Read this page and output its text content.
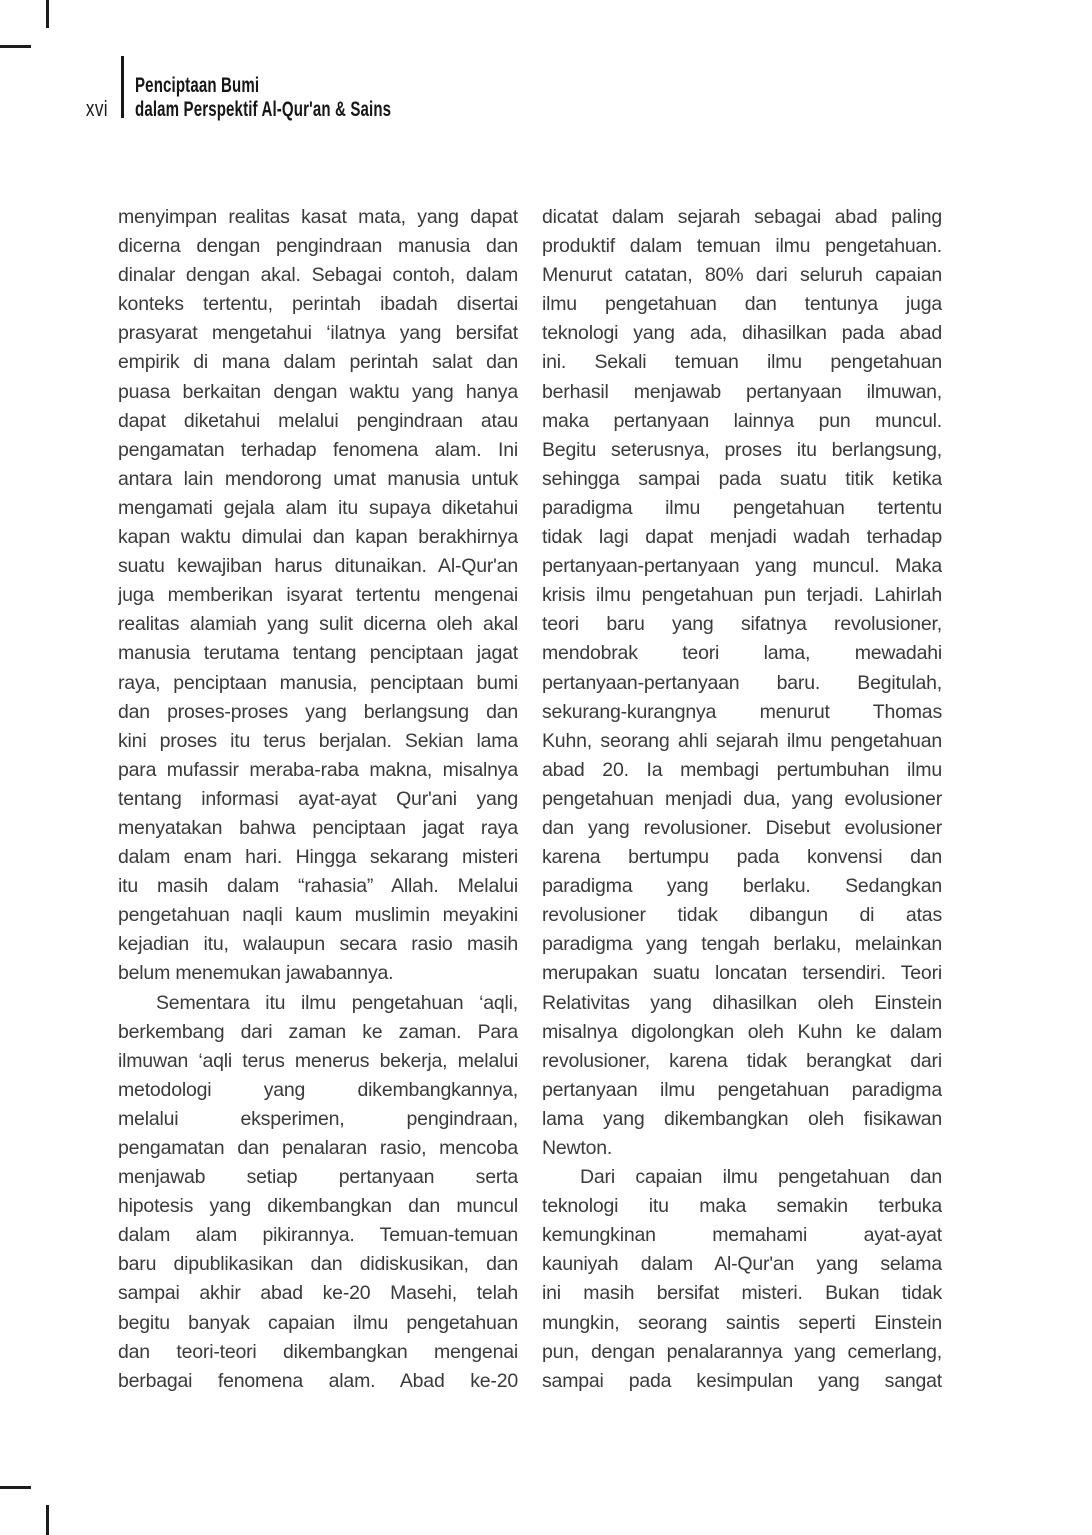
xvi
Penciptaan Bumi
dalam Perspektif Al-Qur'an & Sains
menyimpan realitas kasat mata, yang dapat
dicerna dengan pengindraan manusia dan
dinalar dengan akal. Sebagai contoh, dalam
konteks tertentu, perintah ibadah disertai
prasyarat mengetahui ‘ilatnya yang bersifat
empirik di mana dalam perintah salat dan
puasa berkaitan dengan waktu yang hanya
dapat diketahui melalui pengindraan atau
pengamatan terhadap fenomena alam. Ini
antara lain mendorong umat manusia untuk
mengamati gejala alam itu supaya diketahui
kapan waktu dimulai dan kapan berakhirnya
suatu kewajiban harus ditunaikan. Al-Qur'an
juga memberikan isyarat tertentu mengenai
realitas alamiah yang sulit dicerna oleh akal
manusia terutama tentang penciptaan jagat
raya, penciptaan manusia, penciptaan bumi
dan proses-proses yang berlangsung dan
kini proses itu terus berjalan. Sekian lama
para mufassir meraba-raba makna, misalnya
tentang informasi ayat-ayat Qur'ani yang
menyatakan bahwa penciptaan jagat raya
dalam enam hari. Hingga sekarang misteri
itu masih dalam “rahasia” Allah. Melalui
pengetahuan naqli kaum muslimin meyakini
kejadian itu, walaupun secara rasio masih
belum menemukan jawabannya.
Sementara itu ilmu pengetahuan ‘aqli,
berkembang dari zaman ke zaman. Para
ilmuwan ‘aqli terus menerus bekerja, melalui
metodologi yang dikembangkannya,
melalui eksperimen, pengindraan,
pengamatan dan penalaran rasio, mencoba
menjawab setiap pertanyaan serta
hipotesis yang dikembangkan dan muncul
dalam alam pikirannya. Temuan-temuan
baru dipublikasikan dan didiskusikan, dan
sampai akhir abad ke-20 Masehi, telah
begitu banyak capaian ilmu pengetahuan
dan teori-teori dikembangkan mengenai
berbagai fenomena alam. Abad ke-20
dicatat dalam sejarah sebagai abad paling
produktif dalam temuan ilmu pengetahuan.
Menurut catatan, 80% dari seluruh capaian
ilmu pengetahuan dan tentunya juga
teknologi yang ada, dihasilkan pada abad
ini. Sekali temuan ilmu pengetahuan
berhasil menjawab pertanyaan ilmuwan,
maka pertanyaan lainnya pun muncul.
Begitu seterusnya, proses itu berlangsung,
sehingga sampai pada suatu titik ketika
paradigma ilmu pengetahuan tertentu
tidak lagi dapat menjadi wadah terhadap
pertanyaan-pertanyaan yang muncul. Maka
krisis ilmu pengetahuan pun terjadi. Lahirlah
teori baru yang sifatnya revolusioner,
mendobrak teori lama, mewadahi
pertanyaan-pertanyaan baru. Begitulah,
sekurang-kurangnya menurut Thomas
Kuhn, seorang ahli sejarah ilmu pengetahuan
abad 20. Ia membagi pertumbuhan ilmu
pengetahuan menjadi dua, yang evolusioner
dan yang revolusioner. Disebut evolusioner
karena bertumpu pada konvensi dan
paradigma yang berlaku. Sedangkan
revolusioner tidak dibangun di atas
paradigma yang tengah berlaku, melainkan
merupakan suatu loncatan tersendiri. Teori
Relativitas yang dihasilkan oleh Einstein
misalnya digolongkan oleh Kuhn ke dalam
revolusioner, karena tidak berangkat dari
pertanyaan ilmu pengetahuan paradigma
lama yang dikembangkan oleh fisikawan
Newton.
Dari capaian ilmu pengetahuan dan
teknologi itu maka semakin terbuka
kemungkinan memahami ayat-ayat
kauniyah dalam Al-Qur'an yang selama
ini masih bersifat misteri. Bukan tidak
mungkin, seorang saintis seperti Einstein
pun, dengan penalarannya yang cemerlang,
sampai pada kesimpulan yang sangat
